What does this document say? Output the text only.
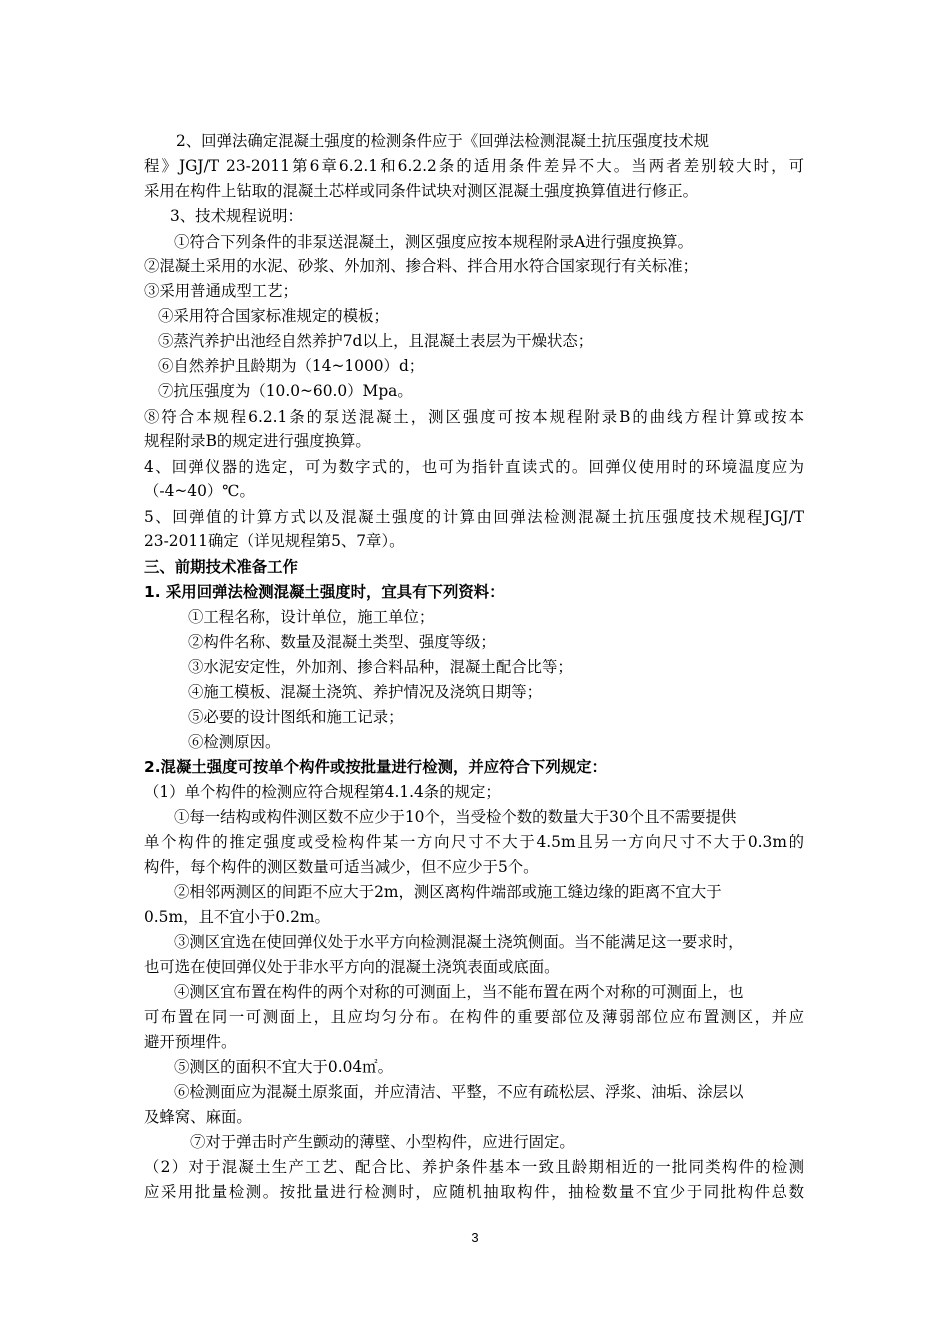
2、回弹法确定混凝土强度的检测条件应于《回弹法检测混凝土抗压强度技术规
程》JGJ/T 23-2011第6章6.2.1和6.2.2条的适用条件差异不大。当两者差别较大时，可
采用在构件上钻取的混凝土芯样或同条件试块对测区混凝土强度换算值进行修正。
3、技术规程说明：
①符合下列条件的非泵送混凝土，测区强度应按本规程附录A进行强度换算。
②混凝土采用的水泥、砂浆、外加剂、掺合料、拌合用水符合国家现行有关标准；
③采用普通成型工艺；
④采用符合国家标准规定的模板；
⑤蒸汽养护出池经自然养护7d以上，且混凝土表层为干燥状态；
⑥自然养护且龄期为（14~1000）d；
⑦抗压强度为（10.0~60.0）Mpa。
⑧符合本规程6.2.1条的泵送混凝土，测区强度可按本规程附录B的曲线方程计算或按本
规程附录B的规定进行强度换算。
4、回弹仪器的选定，可为数字式的，也可为指针直读式的。回弹仪使用时的环境温度应为
（-4~40）℃。
5、回弹值的计算方式以及混凝土强度的计算由回弹法检测混凝土抗压强度技术规程JGJ/T
23-2011确定（详见规程第5、7章）。
三、前期技术准备工作
1. 采用回弹法检测混凝土强度时，宜具有下列资料：
①工程名称，设计单位，施工单位；
②构件名称、数量及混凝土类型、强度等级；
③水泥安定性，外加剂、掺合料品种，混凝土配合比等；
④施工模板、混凝土浇筑、养护情况及浇筑日期等；
⑤必要的设计图纸和施工记录；
⑥检测原因。
2.混凝土强度可按单个构件或按批量进行检测，并应符合下列规定：
（1）单个构件的检测应符合规程第4.1.4条的规定；
①每一结构或构件测区数不应少于10个，当受检个数的数量大于30个且不需要提供
单个构件的推定强度或受检构件某一方向尺寸不大于4.5m且另一方向尺寸不大于0.3m的
构件，每个构件的测区数量可适当减少，但不应少于5个。
②相邻两测区的间距不应大于2m，测区离构件端部或施工缝边缘的距离不宜大于
0.5m，且不宜小于0.2m。
③测区宜选在使回弹仪处于水平方向检测混凝土浇筑侧面。当不能满足这一要求时，
也可选在使回弹仪处于非水平方向的混凝土浇筑表面或底面。
④测区宜布置在构件的两个对称的可测面上，当不能布置在两个对称的可测面上，也
可布置在同一可测面上，且应均匀分布。在构件的重要部位及薄弱部位应布置测区，并应
避开预埋件。
⑤测区的面积不宜大于0.04㎡。
⑥检测面应为混凝土原浆面，并应清洁、平整，不应有疏松层、浮浆、油垢、涂层以
及蜂窝、麻面。
⑦对于弹击时产生颤动的薄壁、小型构件，应进行固定。
（2）对于混凝土生产工艺、配合比、养护条件基本一致且龄期相近的一批同类构件的检测
应采用批量检测。按批量进行检测时，应随机抽取构件，抽检数量不宜少于同批构件总数
3
